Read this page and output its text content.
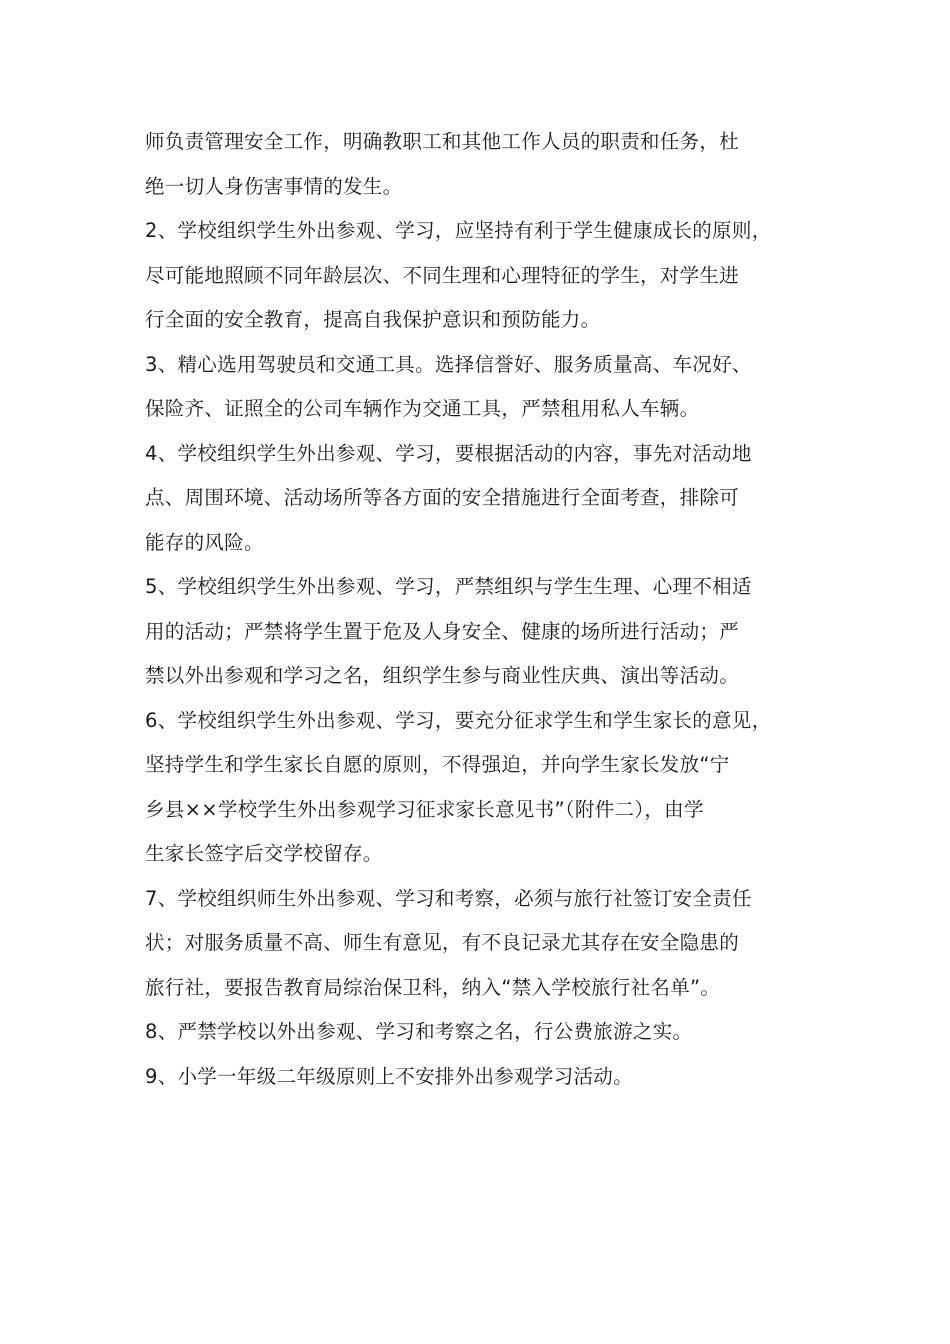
师负责管理安全工作，明确教职工和其他工作人员的职责和任务，杜
绝一切人身伤害事情的发生。
2、学校组织学生外出参观、学习，应坚持有利于学生健康成长的原则，
尽可能地照顾不同年龄层次、不同生理和心理特征的学生，对学生进
行全面的安全教育，提高自我保护意识和预防能力。
3、精心选用驾驶员和交通工具。选择信誉好、服务质量高、车况好、
保险齐、证照全的公司车辆作为交通工具，严禁租用私人车辆。
4、学校组织学生外出参观、学习，要根据活动的内容，事先对活动地
点、周围环境、活动场所等各方面的安全措施进行全面考查，排除可
能存的风险。
5、学校组织学生外出参观、学习，严禁组织与学生生理、心理不相适
用的活动；严禁将学生置于危及人身安全、健康的场所进行活动；严
禁以外出参观和学习之名，组织学生参与商业性庆典、演出等活动。
6、学校组织学生外出参观、学习，要充分征求学生和学生家长的意见，
坚持学生和学生家长自愿的原则，不得强迫，并向学生家长发放“宁
乡县××学校学生外出参观学习征求家长意见书”（附件二），由学
生家长签字后交学校留存。
7、学校组织师生外出参观、学习和考察，必须与旅行社签订安全责任
状；对服务质量不高、师生有意见，有不良记录尤其存在安全隐患的
旅行社，要报告教育局综治保卫科，纳入“禁入学校旅行社名单”。
8、严禁学校以外出参观、学习和考察之名，行公费旅游之实。
9、小学一年级二年级原则上不安排外出参观学习活动。
